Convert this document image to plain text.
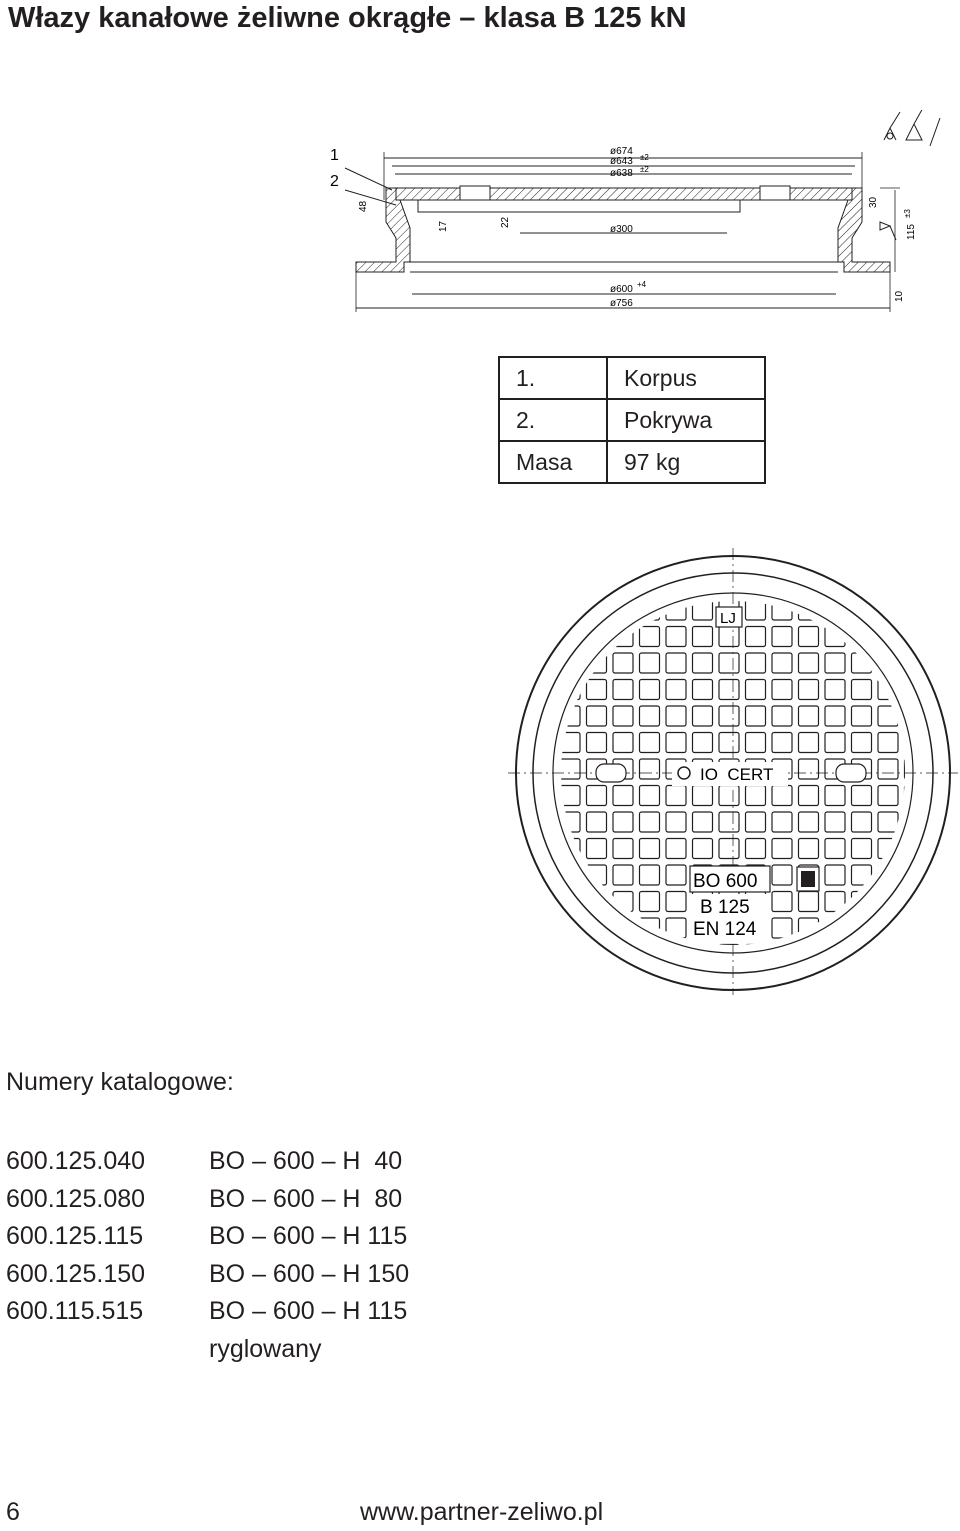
Włazy kanałowe żeliwne okrągłe – klasa B 125 kN
1
2
ø674
ø643 ±2
ø638 ±2
ø300
ø600 +4
ø756
48
17	22
30
115
±3
10
1.	Korpus
2.	Pokrywa
Masa	97 kg
LJ
IO  CERT
BO 600
B 125
EN 124
Numery katalogowe:
600.125.040	BO – 600 – H  40
600.125.080	BO – 600 – H  80
600.125.115	BO – 600 – H 115
600.125.150	BO – 600 – H 150
600.115.515	BO – 600 – H 115
ryglowany
6	www.partner-zeliwo.pl
